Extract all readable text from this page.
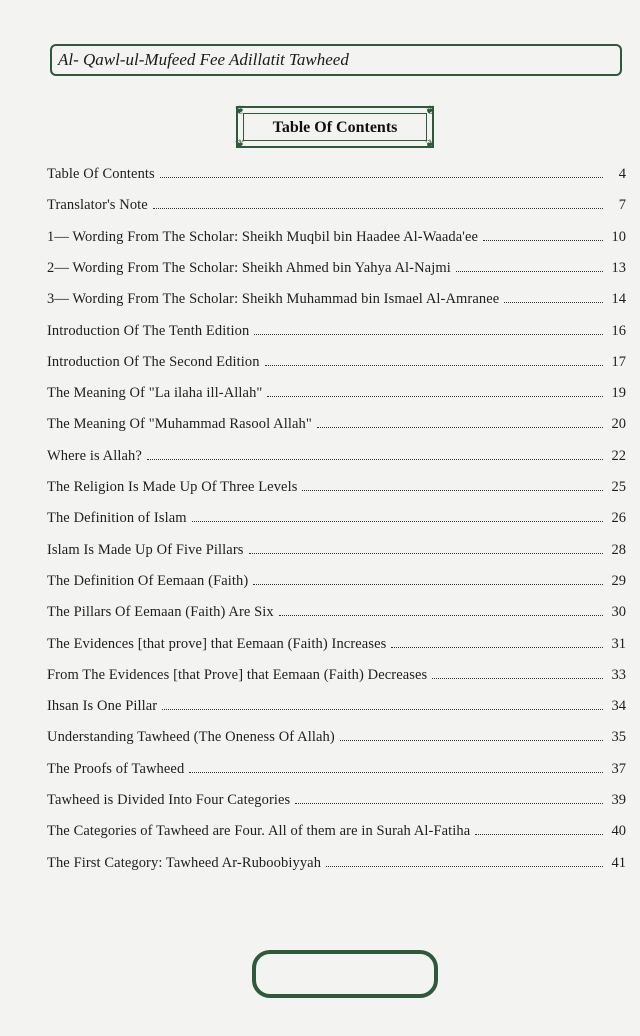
Al- Qawl-ul-Mufeed Fee Adillatit Tawheed
❦	❦
❦	❦
Table Of Contents
Table Of Contents	4
Translator's Note	7
1— Wording From The Scholar: Sheikh Muqbil bin Haadee Al-Waada'ee	10
2— Wording From The Scholar: Sheikh Ahmed bin Yahya Al-Najmi	13
3— Wording From The Scholar: Sheikh Muhammad bin Ismael Al-Amranee	14
Introduction Of The Tenth Edition	16
Introduction Of The Second Edition	17
The Meaning Of "La ilaha ill-Allah"	19
The Meaning Of "Muhammad Rasool Allah"	20
Where is Allah?	22
The Religion Is Made Up Of Three Levels	25
The Definition of Islam	26
Islam Is Made Up Of Five Pillars	28
The Definition Of Eemaan (Faith)	29
The Pillars Of Eemaan (Faith) Are Six	30
The Evidences [that prove] that Eemaan (Faith) Increases	31
From The Evidences [that Prove] that Eemaan (Faith) Decreases	33
Ihsan Is One Pillar	34
Understanding Tawheed (The Oneness Of Allah)	35
The Proofs of Tawheed	37
Tawheed is Divided Into Four Categories	39
The Categories of Tawheed are Four. All of them are in Surah Al-Fatiha	40
The First Category: Tawheed Ar-Ruboobiyyah	41
